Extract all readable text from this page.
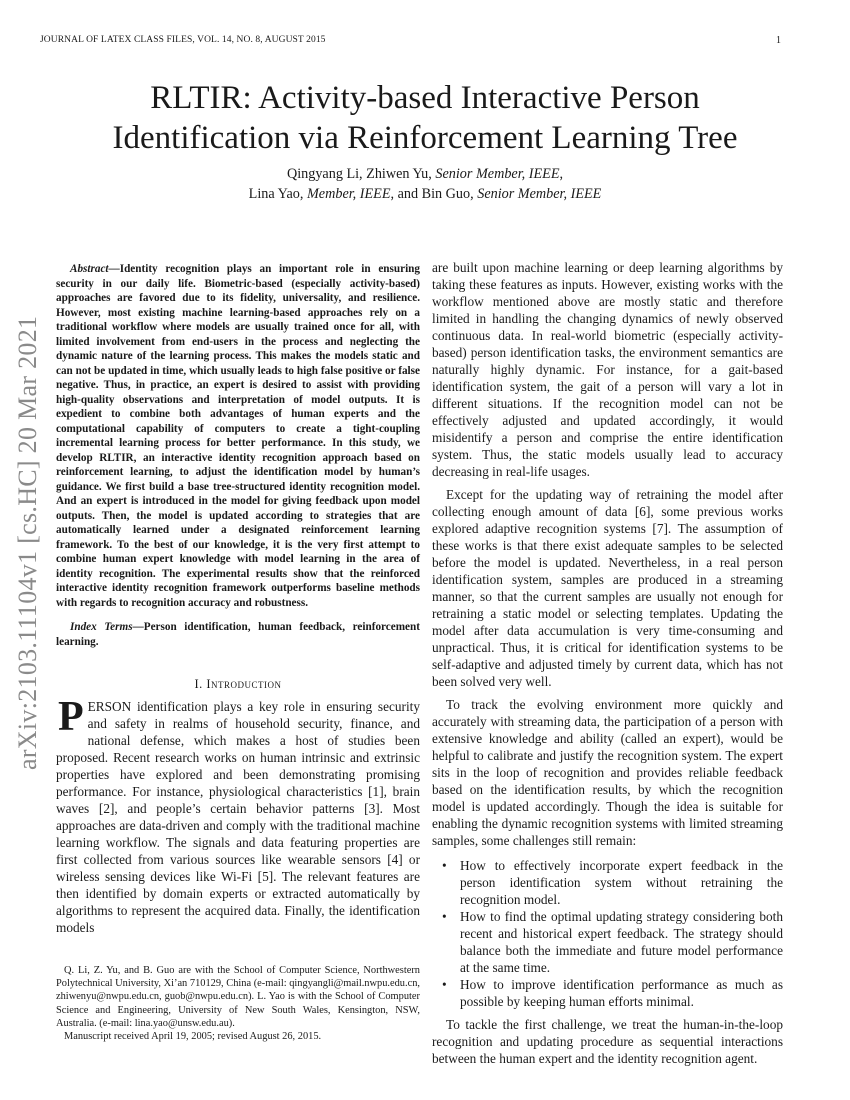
JOURNAL OF LATEX CLASS FILES, VOL. 14, NO. 8, AUGUST 2015	1
arXiv:2103.11104v1 [cs.HC] 20 Mar 2021
RLTIR: Activity-based Interactive Person
Identification via Reinforcement Learning Tree
Qingyang Li, Zhiwen Yu, Senior Member, IEEE,
Lina Yao, Member, IEEE, and Bin Guo, Senior Member, IEEE

Abstract—Identity recognition plays an important role in ensuring security in our daily life. Biometric-based (especially activity-based) approaches are favored due to its fidelity, universality, and resilience. However, most existing machine learning-based approaches rely on a traditional workflow where models are usually trained once for all, with limited involvement from end-users in the process and neglecting the dynamic nature of the learning process. This makes the models static and can not be updated in time, which usually leads to high false positive or false negative. Thus, in practice, an expert is desired to assist with providing high-quality observations and interpretation of model outputs. It is expedient to combine both advantages of human experts and the computational capability of computers to create a tight-coupling incremental learning process for better performance. In this study, we develop RLTIR, an interactive identity recognition approach based on reinforcement learning, to adjust the identification model by human’s guidance. We first build a base tree-structured identity recognition model. And an expert is introduced in the model for giving feedback upon model outputs. Then, the model is updated according to strategies that are automatically learned under a designated reinforcement learning framework. To the best of our knowledge, it is the very first attempt to combine human expert knowledge with model learning in the area of identity recognition. The experimental results show that the reinforced interactive identity recognition framework outperforms baseline methods with regards to recognition accuracy and robustness.

Index Terms—Person identification, human feedback, reinforcement learning.

I. Introduction

PERSON identification plays a key role in ensuring security and safety in realms of household security, finance, and national defense, which makes a host of studies been proposed. Recent research works on human intrinsic and extrinsic properties have explored and been demonstrating promising performance. For instance, physiological characteristics [1], brain waves [2], and people’s certain behavior patterns [3]. Most approaches are data-driven and comply with the traditional machine learning workflow. The signals and data featuring properties are first collected from various sources like wearable sensors [4] or wireless sensing devices like Wi-Fi [5]. The relevant features are then identified by domain experts or extracted automatically by algorithms to represent the acquired data. Finally, the identification models

Q. Li, Z. Yu, and B. Guo are with the School of Computer Science, Northwestern Polytechnical University, Xi’an 710129, China (e-mail: qingyangli@mail.nwpu.edu.cn, zhiwenyu@nwpu.edu.cn, guob@nwpu.edu.cn). L. Yao is with the School of Computer Science and Engineering, University of New South Wales, Kensington, NSW, Australia. (e-mail: lina.yao@unsw.edu.au).

Manuscript received April 19, 2005; revised August 26, 2015.

are built upon machine learning or deep learning algorithms by taking these features as inputs. However, existing works with the workflow mentioned above are mostly static and therefore limited in handling the changing dynamics of newly observed continuous data. In real-world biometric (especially activity-based) person identification tasks, the environment semantics are naturally highly dynamic. For instance, for a gait-based identification system, the gait of a person will vary a lot in different situations. If the recognition model can not be effectively adjusted and updated accordingly, it would misidentify a person and comprise the entire identification system. Thus, the static models usually lead to accuracy decreasing in real-life usages.

Except for the updating way of retraining the model after collecting enough amount of data [6], some previous works explored adaptive recognition systems [7]. The assumption of these works is that there exist adequate samples to be selected before the model is updated. Nevertheless, in a real person identification system, samples are produced in a streaming manner, so that the current samples are usually not enough for retraining a static model or selecting templates. Updating the model after data accumulation is very time-consuming and unpractical. Thus, it is critical for identification systems to be self-adaptive and adjusted timely by current data, which has not been solved very well.

To track the evolving environment more quickly and accurately with streaming data, the participation of a person with extensive knowledge and ability (called an expert), would be helpful to calibrate and justify the recognition system. The expert sits in the loop of recognition and provides reliable feedback based on the identification results, by which the recognition model is updated accordingly. Though the idea is suitable for enabling the dynamic recognition systems with limited streaming samples, some challenges still remain:

• How to effectively incorporate expert feedback in the person identification system without retraining the recognition model.
• How to find the optimal updating strategy considering both recent and historical expert feedback. The strategy should balance both the immediate and future model performance at the same time.
• How to improve identification performance as much as possible by keeping human efforts minimal.

To tackle the first challenge, we treat the human-in-the-loop recognition and updating procedure as sequential interactions between the human expert and the identity recognition agent.
